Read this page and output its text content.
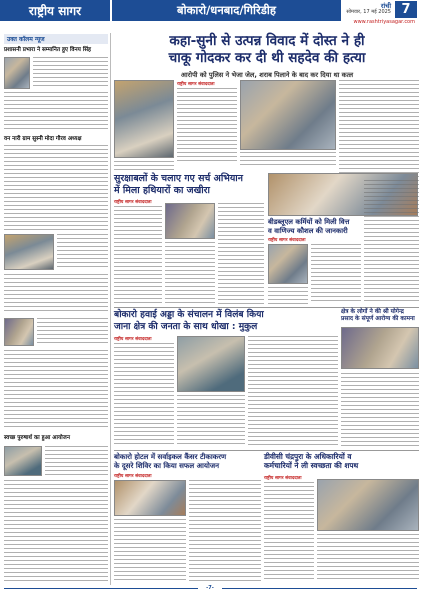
राष्ट्रीय सागर	बोकारो/धनबाद/गिरिडीह	रांची
सोमवार, 17 मई 2025
www.rashtriyasagar.com
7
उक्त कॉलम न्यूज
प्रशासनी प्रभारा ने सम्मानित हुए विनय सिंह
वन नारी ग्राम सुस्नी मोदा गौरव अध्यक्ष
स्वच्छ पुरुषार्थ का हुआ आयोजन
कहा-सुनी से उत्पन्न विवाद में दोस्त ने ही
चाकू गोदकर कर दी थी सहदेव की हत्या
आरोपी को पुलिस ने भेजा जेल, शराब पिलाने के बाद कर दिया था कत्ल
राष्ट्रीय सागर संवाददाता
सुरक्षाबलों के चलाए गए सर्च अभियान
में मिला हथियारों का जखीरा
राष्ट्रीय सागर संवाददाता
बीडब्लूएल कर्मियों को मिली वित्त
व वाणिज्य कौशल की जानकारी
राष्ट्रीय सागर संवाददाता
बोकारो हवाई अड्डा के संचालन में विलंब किया
जाना क्षेत्र की जनता के साथ धोखा : मुकुल
राष्ट्रीय सागर संवाददाता
क्षेत्र के लोगों ने की श्री योगेन्द्र
प्रसाद के संपूर्ण आरोग्य की कामना
बोकारो होटल में सर्वाइकल कैंसर टीकाकरण
के दूसरे शिविर का किया सफल आयोजन
राष्ट्रीय सागर संवाददाता
डीवीसी चंद्रपुरा के अधिकारियों व
कर्मचारियों ने ली स्वच्छता की शपथ
राष्ट्रीय सागर संवाददाता
-7-
